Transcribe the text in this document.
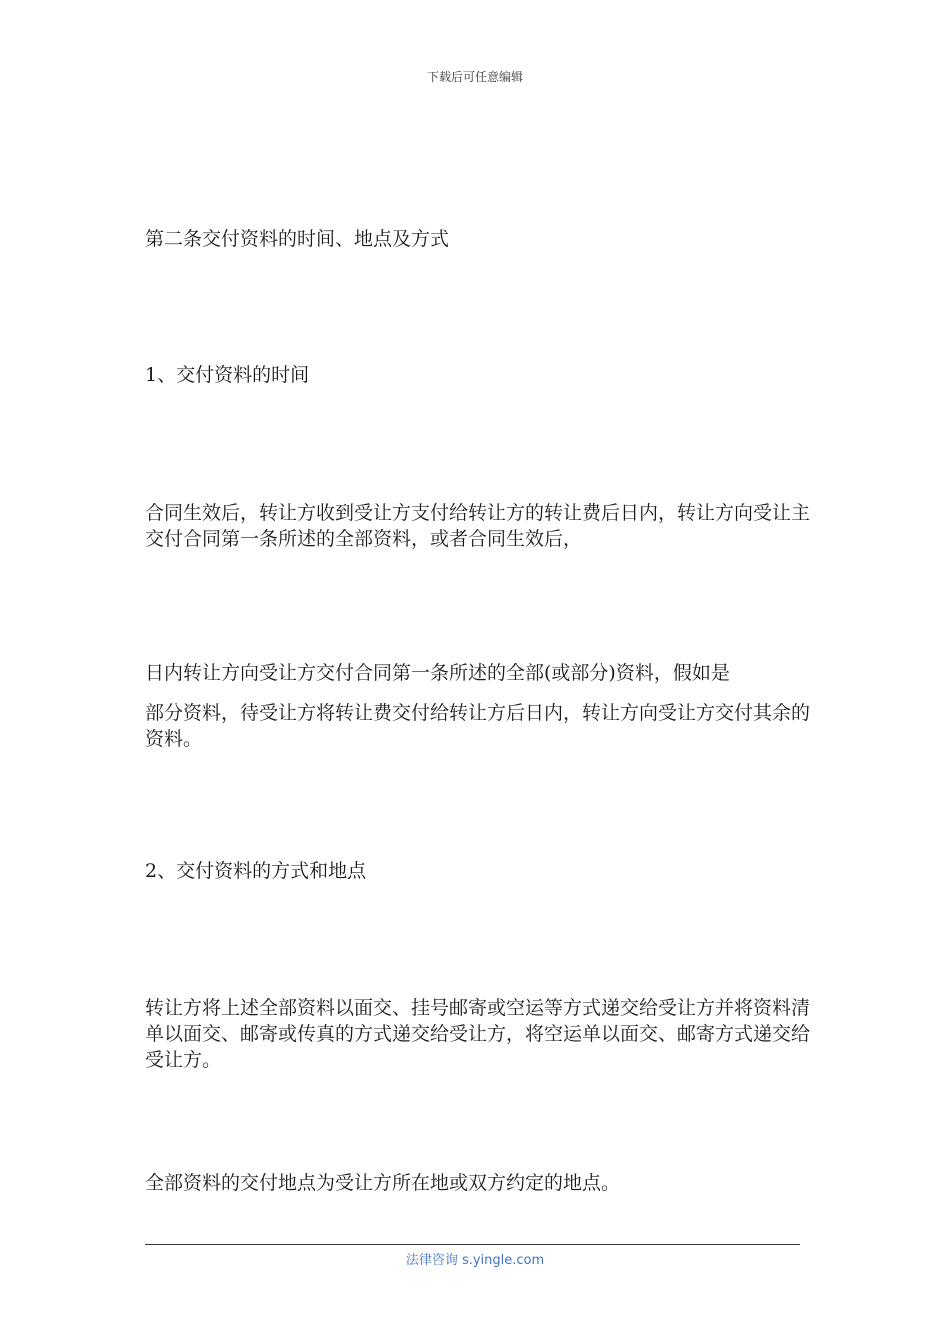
下载后可任意编辑

第二条交付资料的时间、地点及方式

1、交付资料的时间

合同生效后，转让方收到受让方支付给转让方的转让费后日内，转让方向受让主交付合同第一条所述的全部资料，或者合同生效后，

日内转让方向受让方交付合同第一条所述的全部(或部分)资料，假如是

部分资料，待受让方将转让费交付给转让方后日内，转让方向受让方交付其余的资料。

2、交付资料的方式和地点

转让方将上述全部资料以面交、挂号邮寄或空运等方式递交给受让方并将资料清单以面交、邮寄或传真的方式递交给受让方，将空运单以面交、邮寄方式递交给受让方。

全部资料的交付地点为受让方所在地或双方约定的地点。

法律咨询 s.yingle.com
